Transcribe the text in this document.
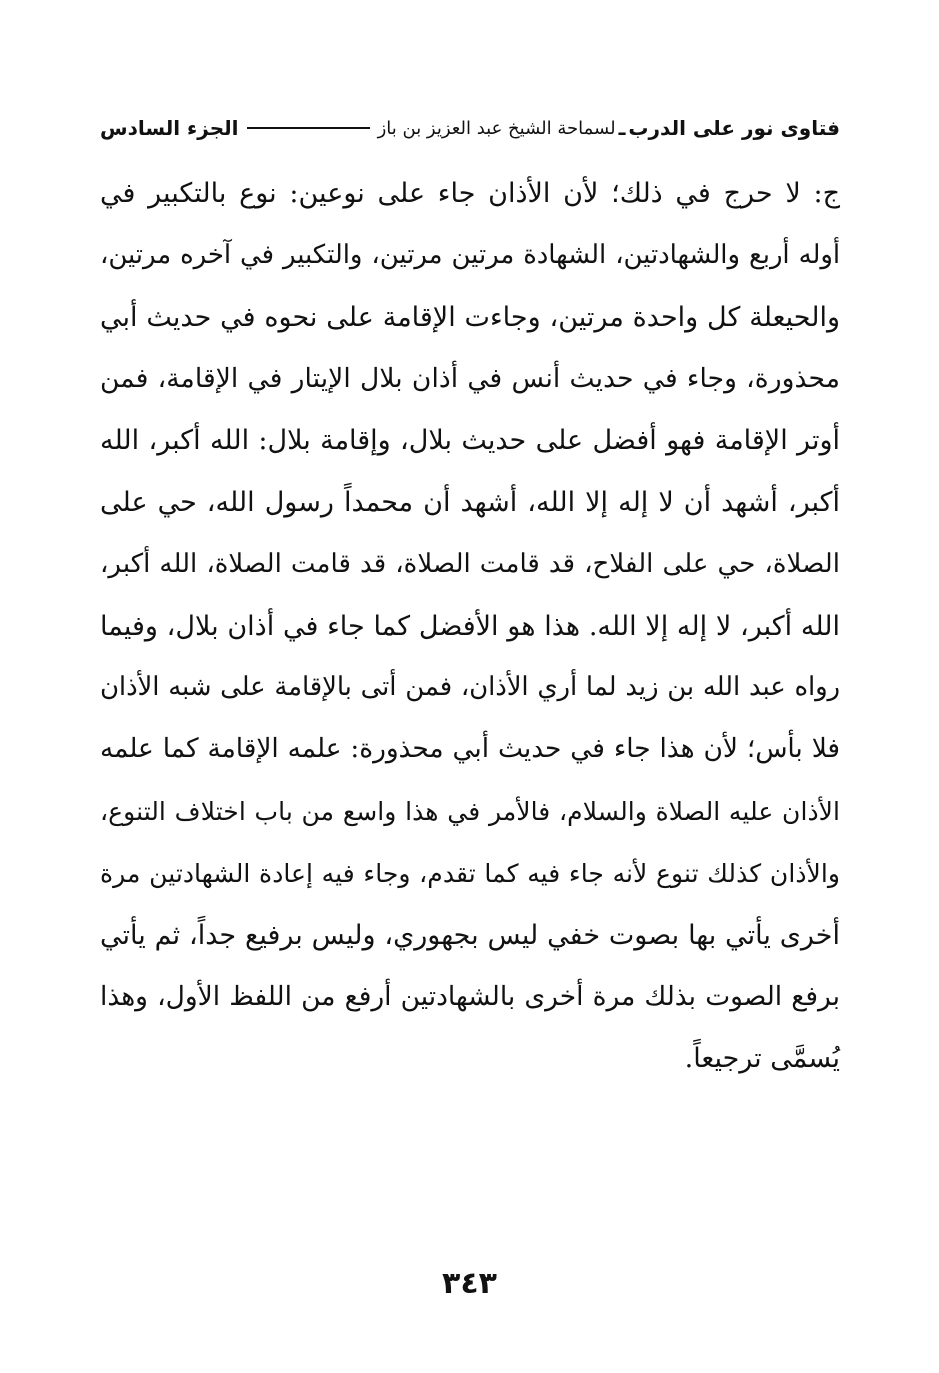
فتاوى نور على الدرب
ـ
لسماحة الشيخ عبد العزيز بن باز
الجزء السادس
ج: لا حرج في ذلك؛ لأن الأذان جاء على نوعين: نوع بالتكبير في
أوله أربع والشهادتين، الشهادة مرتين مرتين، والتكبير في آخره مرتين،
والحيعلة كل واحدة مرتين، وجاءت الإقامة على نحوه في حديث أبي
محذورة، وجاء في حديث أنس في أذان بلال الإيتار في الإقامة، فمن
أوتر الإقامة فهو أفضل على حديث بلال، وإقامة بلال: الله أكبر، الله
أكبر، أشهد أن لا إله إلا الله، أشهد أن محمداً رسول الله، حي على
الصلاة، حي على الفلاح، قد قامت الصلاة، قد قامت الصلاة، الله أكبر،
الله أكبر، لا إله إلا الله. هذا هو الأفضل كما جاء في أذان بلال، وفيما
رواه عبد الله بن زيد لما أري الأذان، فمن أتى بالإقامة على شبه الأذان
فلا بأس؛ لأن هذا جاء في حديث أبي محذورة: علمه الإقامة كما علمه
الأذان عليه الصلاة والسلام، فالأمر في هذا واسع من باب اختلاف التنوع،
والأذان كذلك تنوع لأنه جاء فيه كما تقدم، وجاء فيه إعادة الشهادتين مرة
أخرى يأتي بها بصوت خفي ليس بجهوري، وليس برفيع جداً، ثم يأتي
برفع الصوت بذلك مرة أخرى بالشهادتين أرفع من اللفظ الأول، وهذا
يُسمَّى ترجيعاً.
٣٤٣
